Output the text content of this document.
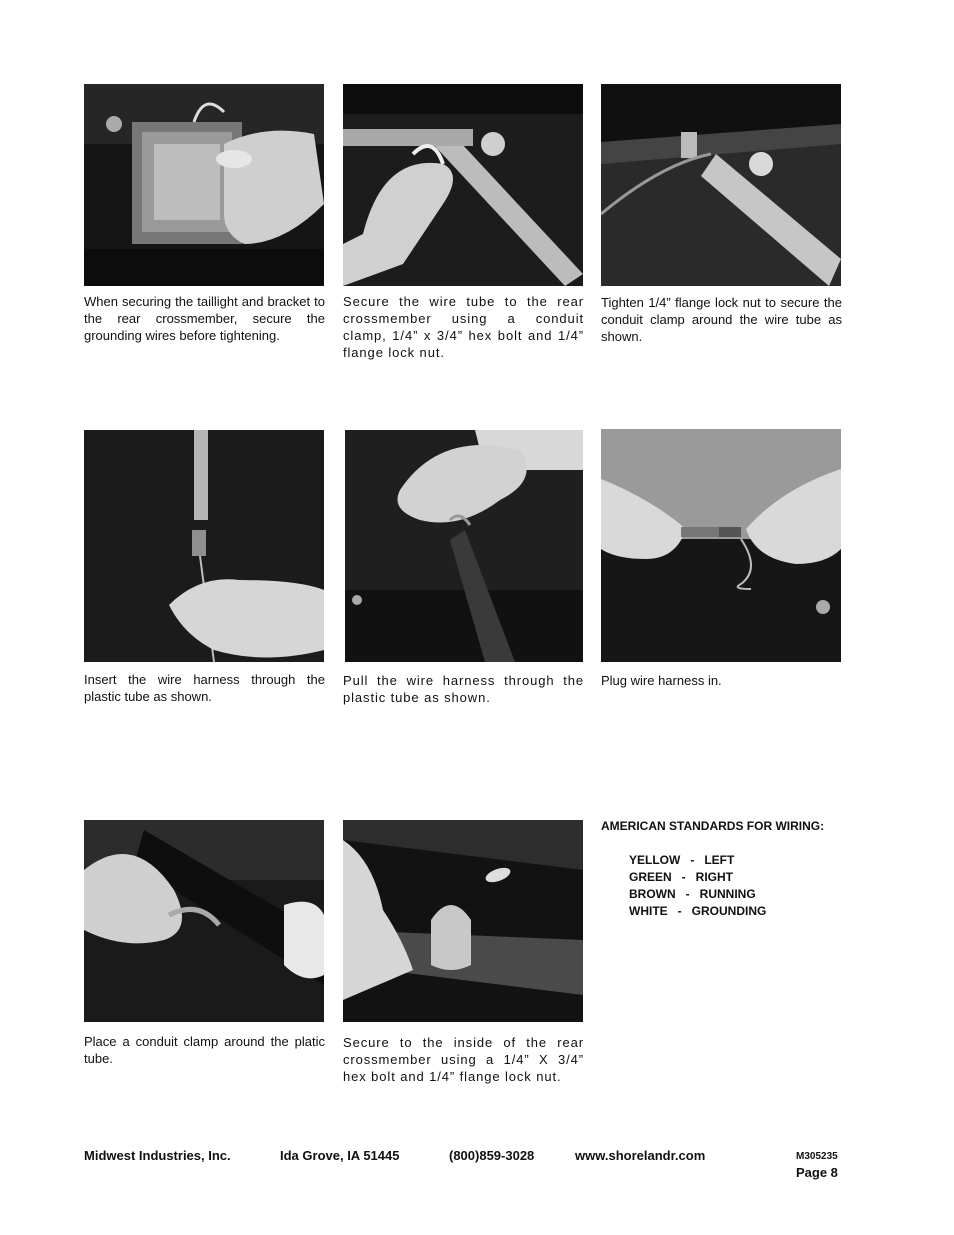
When securing the taillight and bracket to the rear crossmember, secure the grounding wires before tightening.
Secure the wire tube to the rear crossmember using a conduit clamp, 1/4” x 3/4” hex bolt and 1/4” flange lock nut.
Tighten 1/4” flange lock nut to secure the conduit clamp around the wire tube as shown.
Insert the wire harness through the plastic tube as shown.
Pull the wire harness through the plastic tube as shown.
Plug wire harness in.
Place a conduit clamp around the platic tube.
Secure to the inside of the rear crossmember using a 1/4” X 3/4” hex bolt and 1/4” flange lock nut.
AMERICAN STANDARDS FOR WIRING:
YELLOW   -   LEFT
GREEN   -   RIGHT
BROWN   -   RUNNING
WHITE   -   GROUNDING
Midwest Industries, Inc.	Ida Grove, IA 51445	(800)859-3028	www.shorelandr.com	M305235
Page 8
